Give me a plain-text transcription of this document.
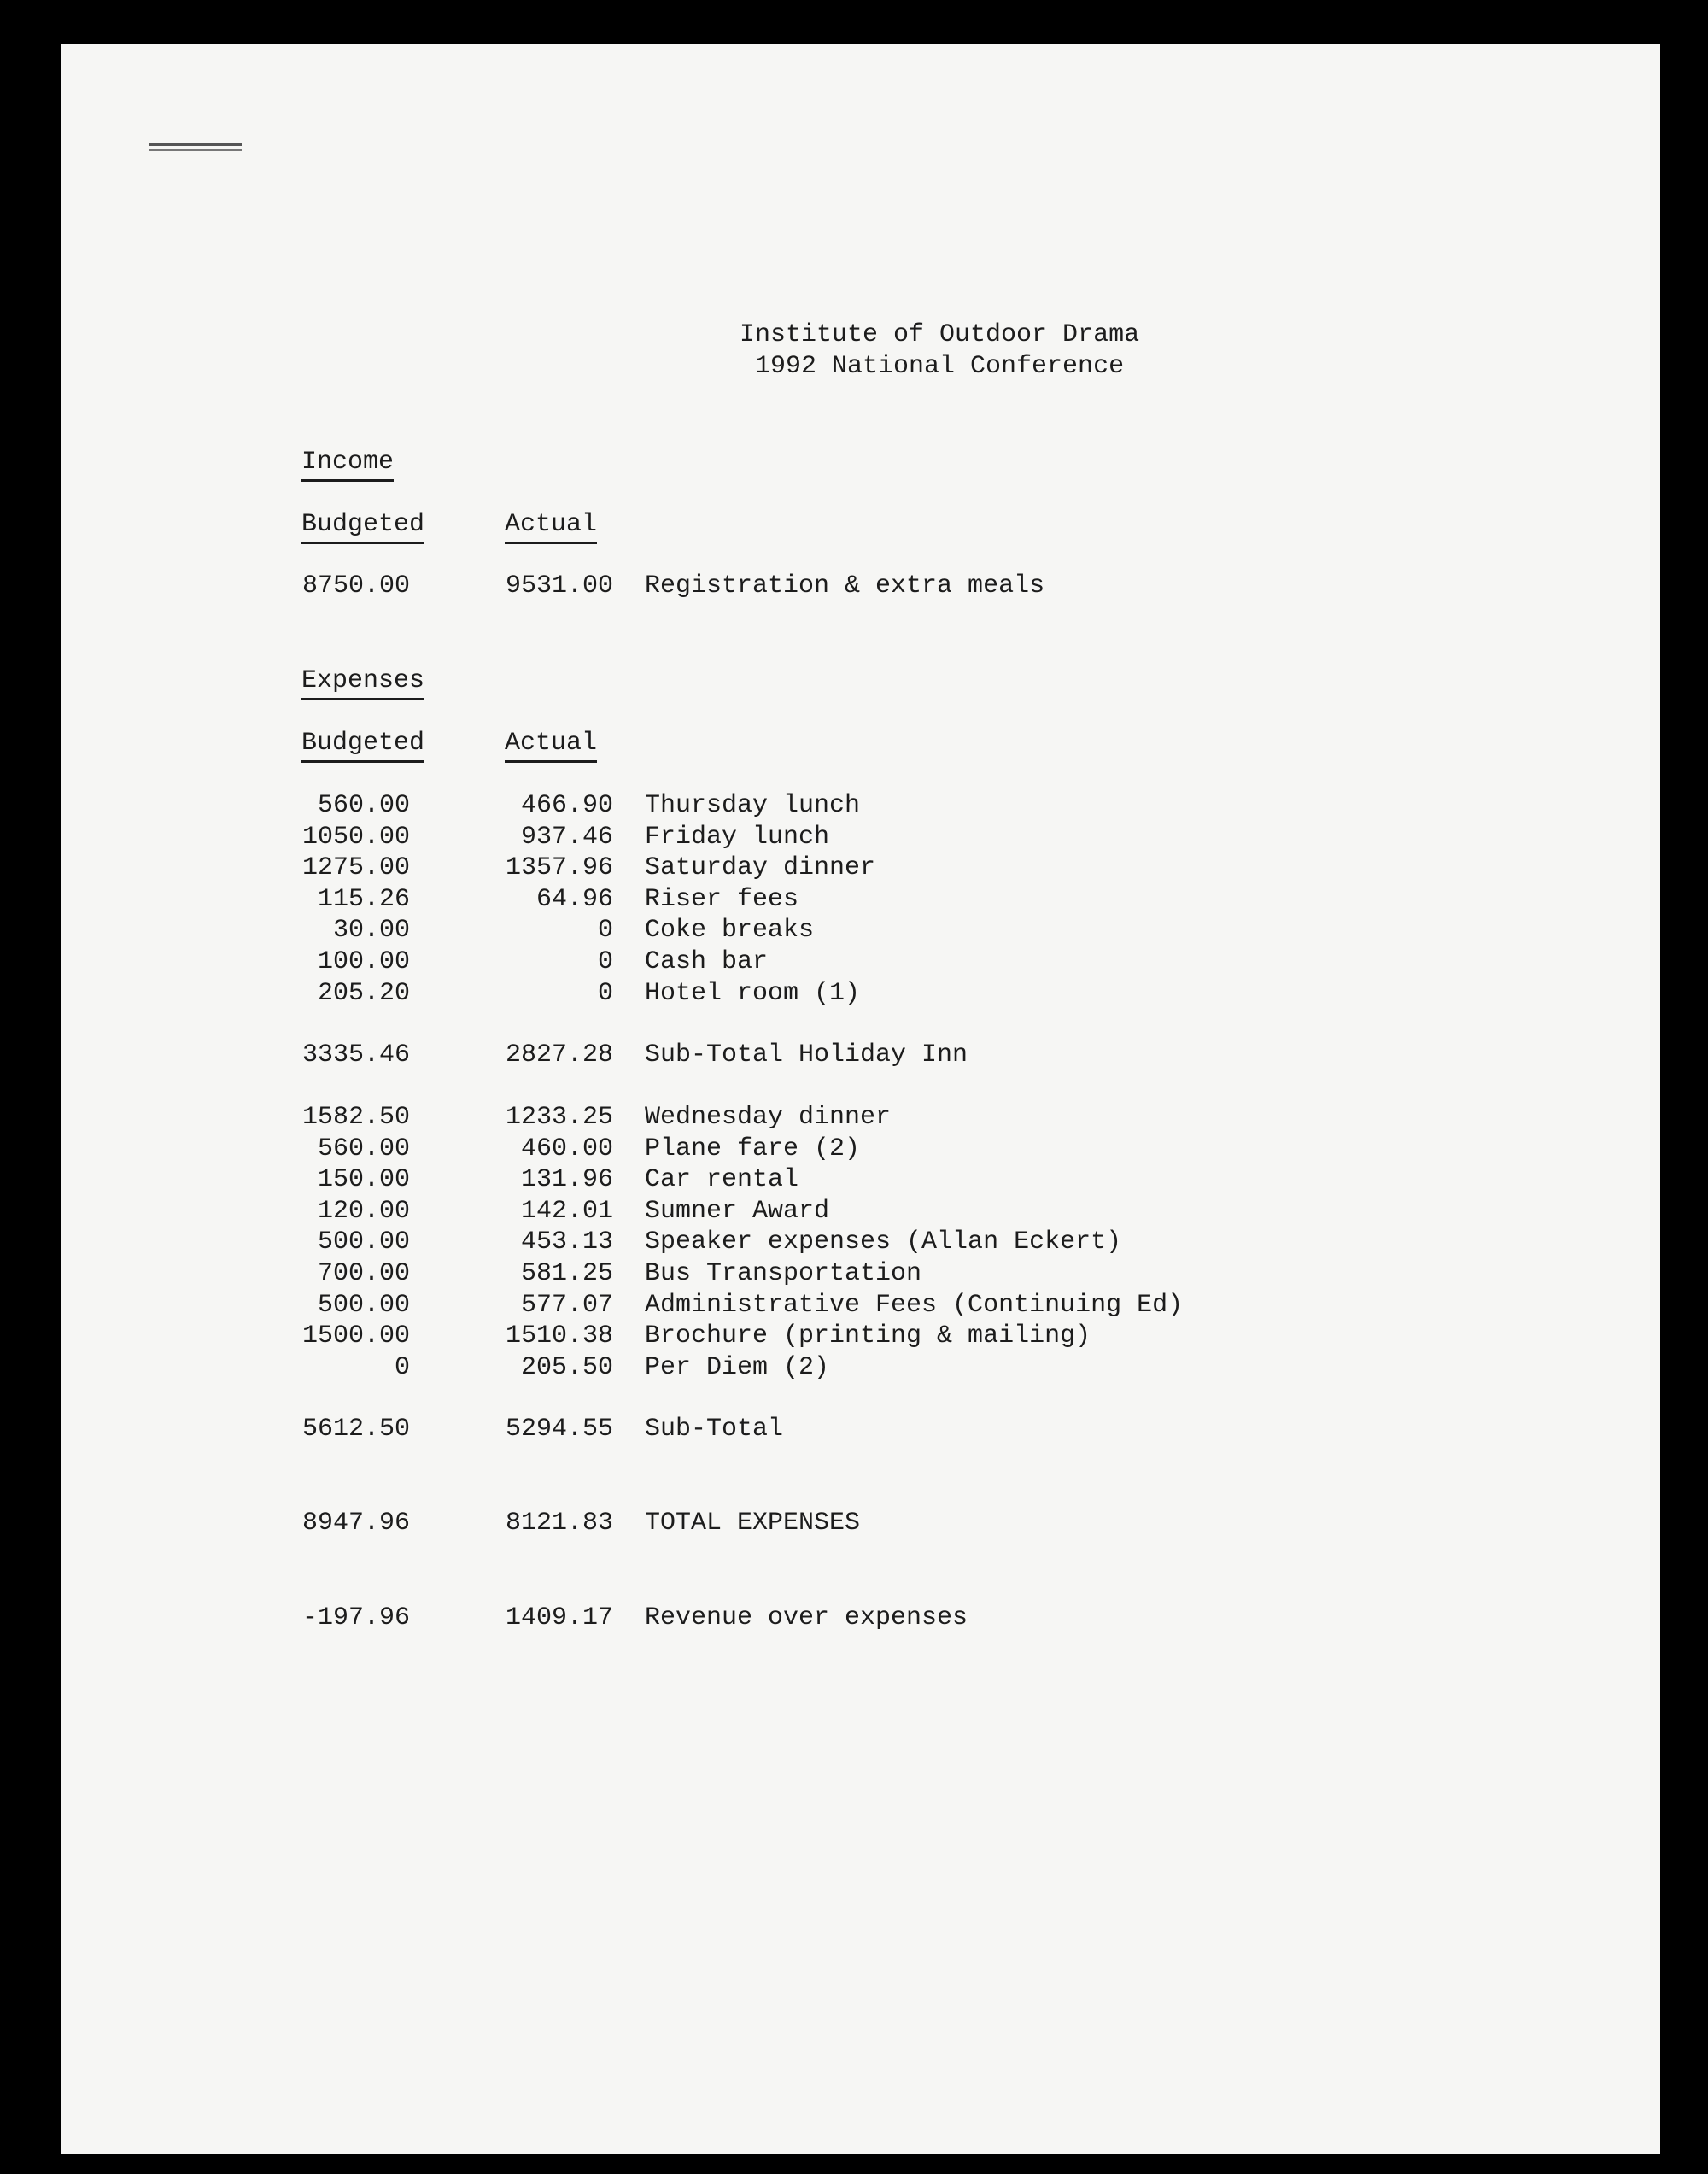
Institute of Outdoor Drama
1992 National Conference
Income
Budgeted	Actual
8750.00	9531.00 Registration & extra meals
Expenses
Budgeted	Actual
560.00	466.90 Thursday lunch
1050.00	937.46 Friday lunch
1275.00	1357.96 Saturday dinner
115.26	64.96 Riser fees
30.00	0 Coke breaks
100.00	0 Cash bar
205.20	0 Hotel room (1)
3335.46	2827.28 Sub-Total Holiday Inn
1582.50	1233.25 Wednesday dinner
560.00	460.00 Plane fare (2)
150.00	131.96 Car rental
120.00	142.01 Sumner Award
500.00	453.13 Speaker expenses (Allan Eckert)
700.00	581.25 Bus Transportation
500.00	577.07 Administrative Fees (Continuing Ed)
1500.00	1510.38 Brochure (printing & mailing)
0	205.50 Per Diem (2)
5612.50	5294.55 Sub-Total
8947.96	8121.83 TOTAL EXPENSES
-197.96	1409.17 Revenue over expenses
